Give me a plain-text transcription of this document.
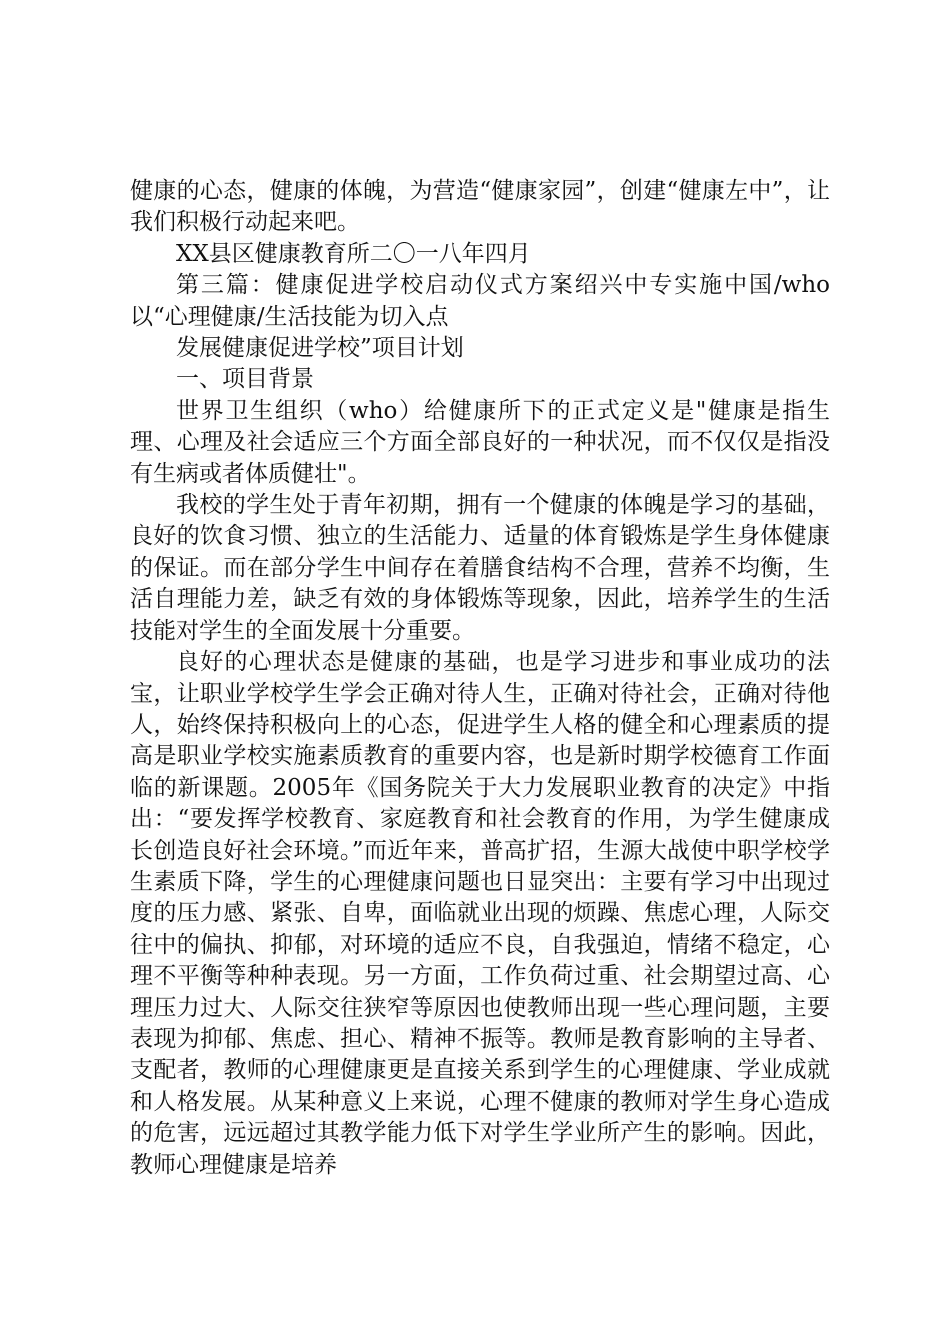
健康的心态，健康的体魄，为营造“健康家园”，创建“健康左中”，让我们积极行动起来吧。

XX县区健康教育所二〇一八年四月

第三篇：健康促进学校启动仪式方案绍兴中专实施中国/who以“心理健康/生活技能为切入点

发展健康促进学校”项目计划

一、项目背景

世界卫生组织（who）给健康所下的正式定义是"健康是指生理、心理及社会适应三个方面全部良好的一种状况，而不仅仅是指没有生病或者体质健壮"。

我校的学生处于青年初期，拥有一个健康的体魄是学习的基础，良好的饮食习惯、独立的生活能力、适量的体育锻炼是学生身体健康的保证。而在部分学生中间存在着膳食结构不合理，营养不均衡，生活自理能力差，缺乏有效的身体锻炼等现象，因此，培养学生的生活技能对学生的全面发展十分重要。

良好的心理状态是健康的基础，也是学习进步和事业成功的法宝，让职业学校学生学会正确对待人生，正确对待社会，正确对待他人，始终保持积极向上的心态，促进学生人格的健全和心理素质的提高是职业学校实施素质教育的重要内容，也是新时期学校德育工作面临的新课题。2005年《国务院关于大力发展职业教育的决定》中指出：“要发挥学校教育、家庭教育和社会教育的作用，为学生健康成长创造良好社会环境。”而近年来，普高扩招，生源大战使中职学校学生素质下降，学生的心理健康问题也日显突出：主要有学习中出现过度的压力感、紧张、自卑，面临就业出现的烦躁、焦虑心理，人际交往中的偏执、抑郁，对环境的适应不良，自我强迫，情绪不稳定，心理不平衡等种种表现。另一方面，工作负荷过重、社会期望过高、心理压力过大、人际交往狭窄等原因也使教师出现一些心理问题，主要表现为抑郁、焦虑、担心、精神不振等。教师是教育影响的主导者、支配者，教师的心理健康更是直接关系到学生的心理健康、学业成就和人格发展。从某种意义上来说，心理不健康的教师对学生身心造成的危害，远远超过其教学能力低下对学生学业所产生的影响。因此，教师心理健康是培养
